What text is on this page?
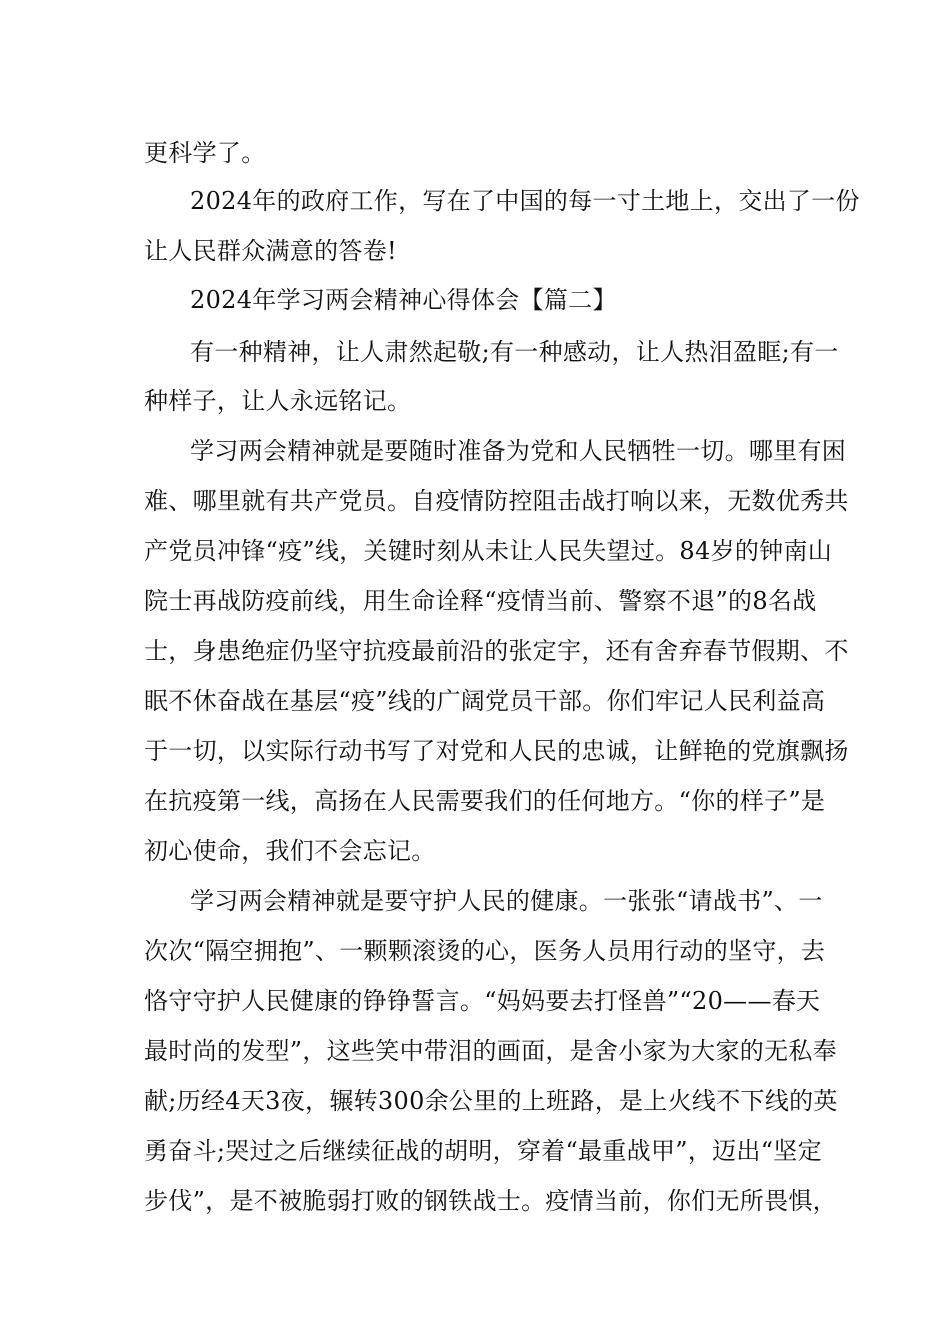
更科学了。
2024年的政府工作，写在了中国的每一寸土地上，交出了一份
让人民群众满意的答卷!
2024年学习两会精神心得体会【篇二】
有一种精神，让人肃然起敬;有一种感动，让人热泪盈眶;有一
种样子，让人永远铭记。
学习两会精神就是要随时准备为党和人民牺牲一切。哪里有困
难、哪里就有共产党员。自疫情防控阻击战打响以来，无数优秀共
产党员冲锋“疫”线，关键时刻从未让人民失望过。84岁的钟南山
院士再战防疫前线，用生命诠释“疫情当前、警察不退”的8名战
士，身患绝症仍坚守抗疫最前沿的张定宇，还有舍弃春节假期、不
眠不休奋战在基层“疫”线的广阔党员干部。你们牢记人民利益高
于一切，以实际行动书写了对党和人民的忠诚，让鲜艳的党旗飘扬
在抗疫第一线，高扬在人民需要我们的任何地方。“你的样子”是
初心使命，我们不会忘记。
学习两会精神就是要守护人民的健康。一张张“请战书”、一
次次“隔空拥抱”、一颗颗滚烫的心，医务人员用行动的坚守，去
恪守守护人民健康的铮铮誓言。“妈妈要去打怪兽”“20——春天
最时尚的发型”，这些笑中带泪的画面，是舍小家为大家的无私奉
献;历经4天3夜，辗转300余公里的上班路，是上火线不下线的英
勇奋斗;哭过之后继续征战的胡明，穿着“最重战甲”，迈出“坚定
步伐”，是不被脆弱打败的钢铁战士。疫情当前，你们无所畏惧，
